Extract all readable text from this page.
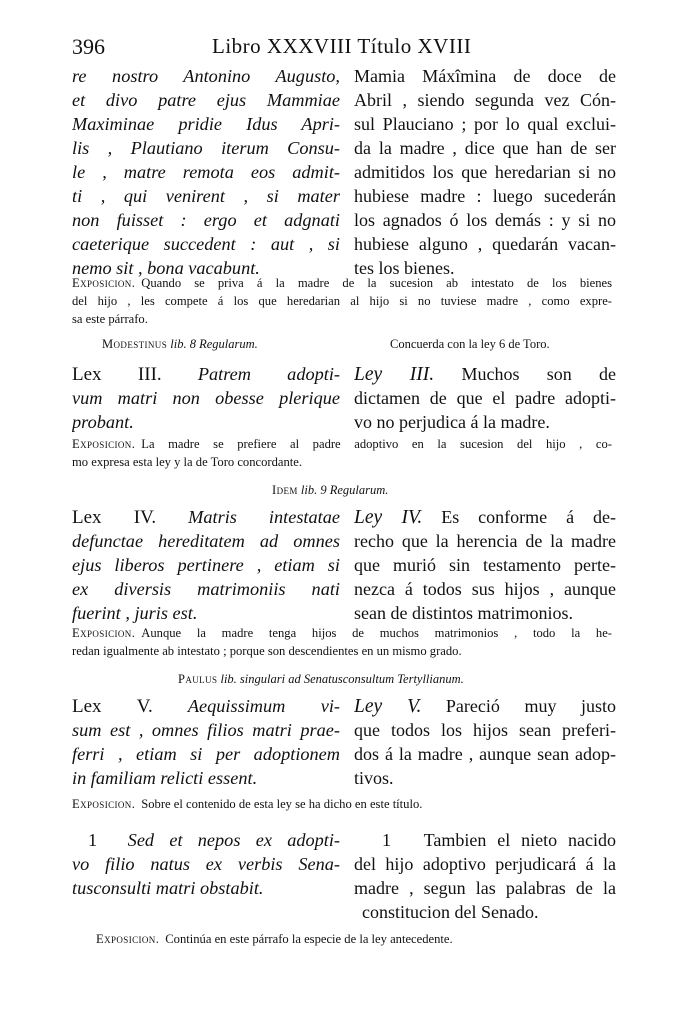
396	Libro XXXVIII Título XVIII
re nostro Antonino Augusto,
et divo patre ejus Mammiae
Maximinae pridie Idus Apri-
lis , Plautiano iterum Consu-
le , matre remota eos admit-
ti , qui venirent , si mater
non fuisset : ergo et adgnati
caeterique succedent : aut , si
nemo sit , bona vacabunt.
Mamia Máxîmina de doce de
Abril , siendo segunda vez Cón-
sul Plauciano ; por lo qual exclui-
da la madre , dice que han de ser
admitidos los que heredarian si no
hubiese madre : luego sucederán
los agnados ó los demás : y si no
hubiese alguno , quedarán vacan-
tes los bienes.
Exposicion. Quando se priva á la madre de la sucesion ab intestato de los bienes
del hijo , les compete á los que heredarian al hijo si no tuviese madre , como expre-
sa este párrafo.
Modestinus lib. 8 Regularum.	Concuerda con la ley 6 de Toro.
Lex III. Patrem adopti-
vum matri non obesse plerique
probant.
Ley III. Muchos son de
dictamen de que el padre adopti-
vo no perjudica á la madre.
Exposicion. La madre se prefiere al padre adoptivo en la sucesion del hijo , co-
mo expresa esta ley y la de Toro concordante.
Idem lib. 9 Regularum.
Lex IV. Matris intestatae
defunctae hereditatem ad omnes
ejus liberos pertinere , etiam si
ex diversis matrimoniis nati
fuerint , juris est.
Ley IV. Es conforme á de-
recho que la herencia de la madre
que murió sin testamento perte-
nezca á todos sus hijos , aunque
sean de distintos matrimonios.
Exposicion. Aunque la madre tenga hijos de muchos matrimonios , todo la he-
redan igualmente ab intestato ; porque son descendientes en un mismo grado.
Paulus lib. singulari ad Senatusconsultum Tertyllianum.
Lex V. Aequissimum vi-
sum est , omnes filios matri prae-
ferri , etiam si per adoptionem
in familiam relicti essent.
Ley V. Pareció muy justo
que todos los hijos sean preferi-
dos á la madre , aunque sean adop-
tivos.
Exposicion. Sobre el contenido de esta ley se ha dicho en este título.
1 Sed et nepos ex adopti-
vo filio natus ex verbis Sena-
tusconsulti matri obstabit.
1 Tambien el nieto nacido
del hijo adoptivo perjudicará á la
madre , segun las palabras de la
constitucion del Senado.
Exposicion. Continúa en este párrafo la especie de la ley antecedente.
